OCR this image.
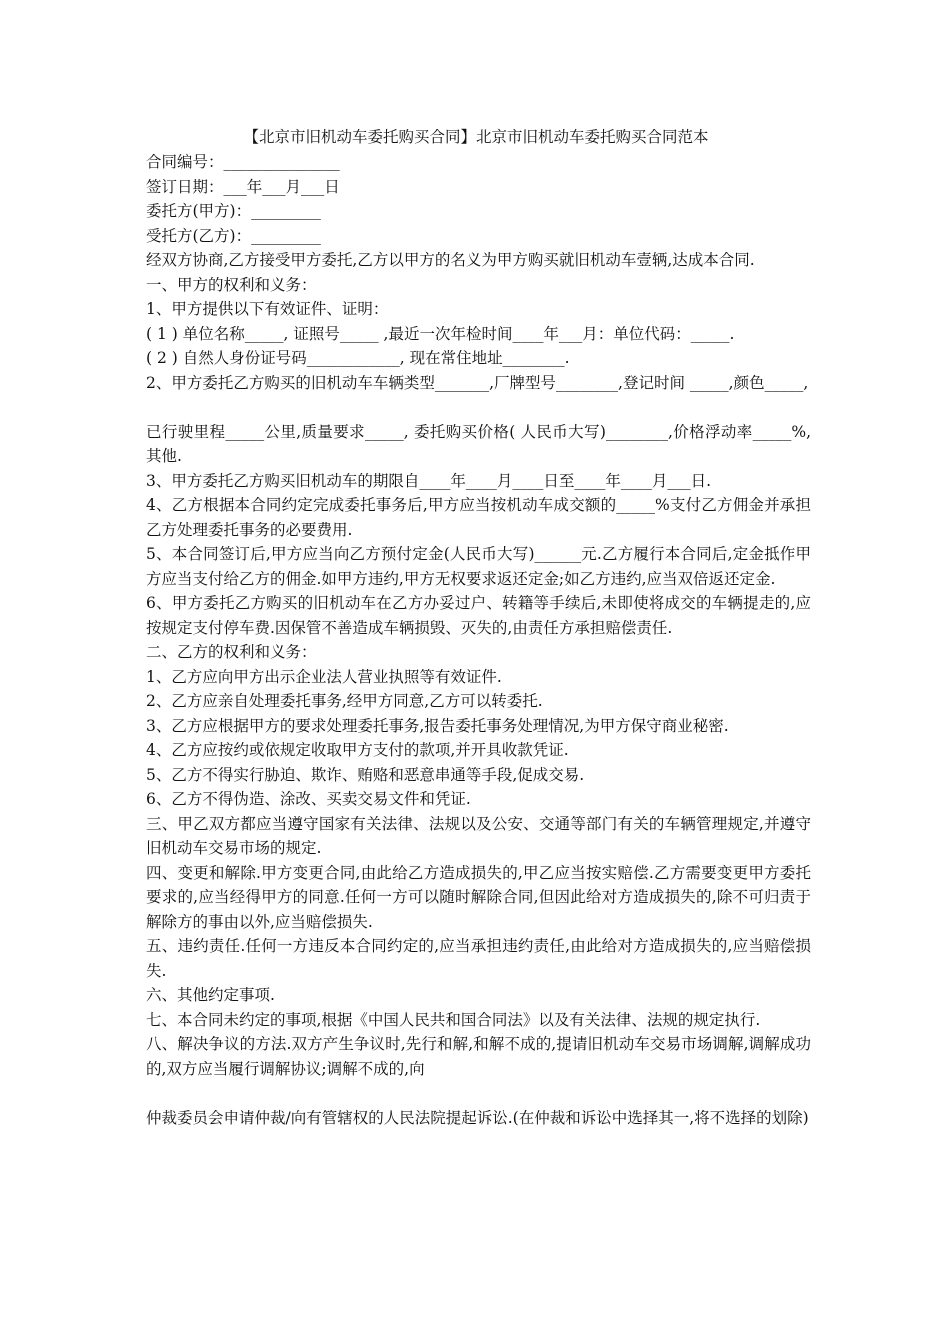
【北京市旧机动车委托购买合同】北京市旧机动车委托购买合同范本
合同编号：_______________
签订日期：___年___月___日
委托方(甲方)：_________
受托方(乙方)：_________
经双方协商,乙方接受甲方委托,乙方以甲方的名义为甲方购买就旧机动车壹辆,达成本合同.
一、甲方的权利和义务：
1、甲方提供以下有效证件、证明：
( 1 ) 单位名称_____, 证照号_____ ,最近一次年检时间____年___月：单位代码：_____.
( 2 ) 自然人身份证号码____________, 现在常住地址________.
2、甲方委托乙方购买的旧机动车车辆类型_______,厂牌型号________,登记时间 _____,颜色_____,
已行驶里程_____公里,质量要求_____, 委托购买价格( 人民币大写)________,价格浮动率_____%,其他.
3、甲方委托乙方购买旧机动车的期限自____年____月____日至____年____月___日.
4、乙方根据本合同约定完成委托事务后,甲方应当按机动车成交额的_____%支付乙方佣金并承担乙方处理委托事务的必要费用.
5、本合同签订后,甲方应当向乙方预付定金(人民币大写)______元.乙方履行本合同后,定金抵作甲方应当支付给乙方的佣金.如甲方违约,甲方无权要求返还定金;如乙方违约,应当双倍返还定金.
6、甲方委托乙方购买的旧机动车在乙方办妥过户、转籍等手续后,未即使将成交的车辆提走的,应按规定支付停车费.因保管不善造成车辆损毁、灭失的,由责任方承担赔偿责任.
二、乙方的权利和义务：
1、乙方应向甲方出示企业法人营业执照等有效证件.
2、乙方应亲自处理委托事务,经甲方同意,乙方可以转委托.
3、乙方应根据甲方的要求处理委托事务,报告委托事务处理情况,为甲方保守商业秘密.
4、乙方应按约或依规定收取甲方支付的款项,并开具收款凭证.
5、乙方不得实行胁迫、欺诈、贿赂和恶意串通等手段,促成交易.
6、乙方不得伪造、涂改、买卖交易文件和凭证.
三、甲乙双方都应当遵守国家有关法律、法规以及公安、交通等部门有关的车辆管理规定,并遵守旧机动车交易市场的规定.
四、变更和解除.甲方变更合同,由此给乙方造成损失的,甲乙应当按实赔偿.乙方需要变更甲方委托要求的,应当经得甲方的同意.任何一方可以随时解除合同,但因此给对方造成损失的,除不可归责于解除方的事由以外,应当赔偿损失.
五、违约责任.任何一方违反本合同约定的,应当承担违约责任,由此给对方造成损失的,应当赔偿损失.
六、其他约定事项.
七、本合同未约定的事项,根据《中国人民共和国合同法》以及有关法律、法规的规定执行.
八、解决争议的方法.双方产生争议时,先行和解,和解不成的,提请旧机动车交易市场调解,调解成功的,双方应当履行调解协议;调解不成的,向
仲裁委员会申请仲裁/向有管辖权的人民法院提起诉讼.(在仲裁和诉讼中选择其一,将不选择的划除)
